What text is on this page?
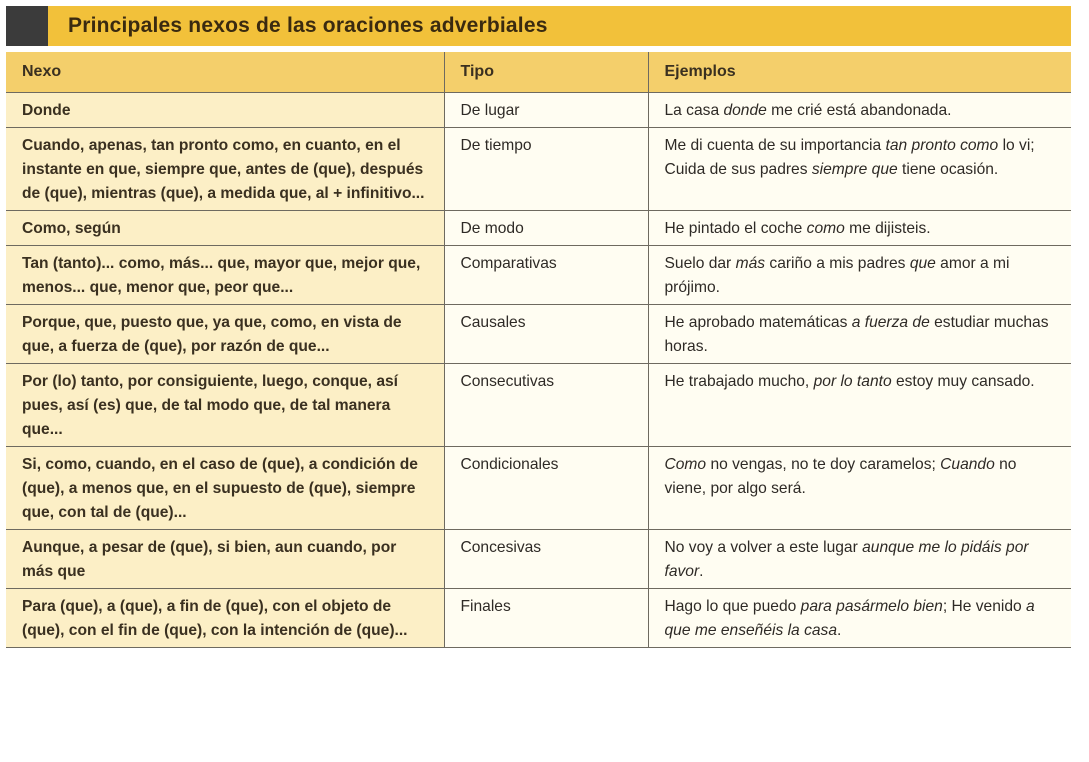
Principales nexos de las oraciones adverbiales
Nexo	Tipo	Ejemplos
Donde	De lugar	La casa donde me crié está abandonada.
Cuando, apenas, tan pronto como, en cuanto, en el instante en que, siempre que, antes de (que), después de (que), mientras (que), a medida que, al + infinitivo...	De tiempo	Me di cuenta de su importancia tan pronto como lo vi; Cuida de sus padres siempre que tiene ocasión.
Como, según	De modo	He pintado el coche como me dijisteis.
Tan (tanto)... como, más... que, mayor que, mejor que, menos... que, menor que, peor que...	Comparativas	Suelo dar más cariño a mis padres que amor a mi prójimo.
Porque, que, puesto que, ya que, como, en vista de que, a fuerza de (que), por razón de que...	Causales	He aprobado matemáticas a fuerza de estudiar muchas horas.
Por (lo) tanto, por consiguiente, luego, conque, así pues, así (es) que, de tal modo que, de tal manera que...	Consecutivas	He trabajado mucho, por lo tanto estoy muy cansado.
Si, como, cuando, en el caso de (que), a condición de (que), a menos que, en el supuesto de (que), siempre que, con tal de (que)...	Condicionales	Como no vengas, no te doy caramelos; Cuando no viene, por algo será.
Aunque, a pesar de (que), si bien, aun cuando, por más que	Concesivas	No voy a volver a este lugar aunque me lo pidáis por favor.
Para (que), a (que), a fin de (que), con el objeto de (que), con el fin de (que), con la intención de (que)...	Finales	Hago lo que puedo para pasármelo bien; He venido a que me enseñéis la casa.
